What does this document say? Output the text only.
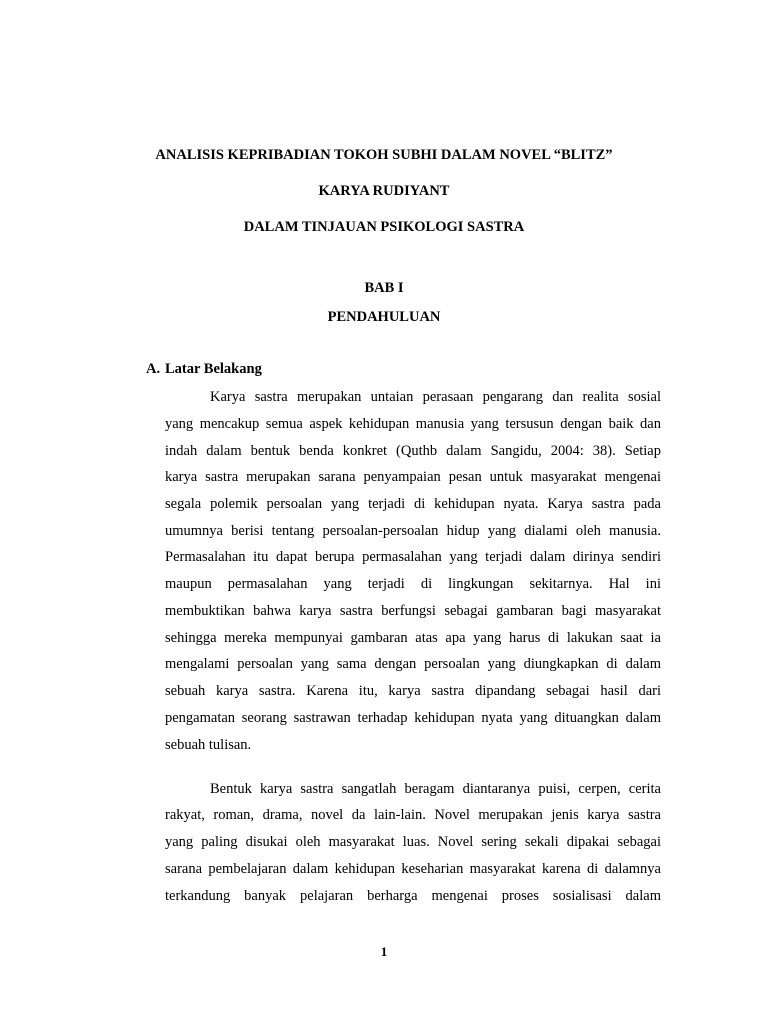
ANALISIS KEPRIBADIAN TOKOH SUBHI DALAM NOVEL “BLITZ”
KARYA RUDIYANT
DALAM TINJAUAN PSIKOLOGI SASTRA
BAB I
PENDAHULUAN
A. Latar Belakang
Karya sastra merupakan untaian perasaan pengarang dan realita sosial
yang mencakup semua aspek kehidupan manusia yang tersusun dengan baik dan
indah dalam bentuk benda konkret (Quthb dalam Sangidu, 2004: 38). Setiap
karya sastra merupakan sarana penyampaian pesan untuk masyarakat mengenai
segala polemik persoalan yang terjadi di kehidupan nyata. Karya sastra pada
umumnya berisi tentang persoalan-persoalan hidup yang dialami oleh manusia.
Permasalahan itu dapat berupa permasalahan yang terjadi dalam dirinya sendiri
maupun permasalahan yang terjadi di lingkungan sekitarnya. Hal ini
membuktikan bahwa karya sastra berfungsi sebagai gambaran bagi masyarakat
sehingga mereka mempunyai gambaran atas apa yang harus di lakukan saat ia
mengalami persoalan yang sama dengan persoalan yang diungkapkan di dalam
sebuah karya sastra. Karena itu, karya sastra dipandang sebagai hasil dari
pengamatan seorang sastrawan terhadap kehidupan nyata yang dituangkan dalam
sebuah tulisan.
Bentuk karya sastra sangatlah beragam diantaranya puisi, cerpen, cerita
rakyat, roman, drama, novel da lain-lain. Novel merupakan jenis karya sastra
yang paling disukai oleh masyarakat luas. Novel sering sekali dipakai sebagai
sarana pembelajaran dalam kehidupan keseharian masyarakat karena di dalamnya
terkandung banyak pelajaran berharga mengenai proses sosialisasi dalam
1
